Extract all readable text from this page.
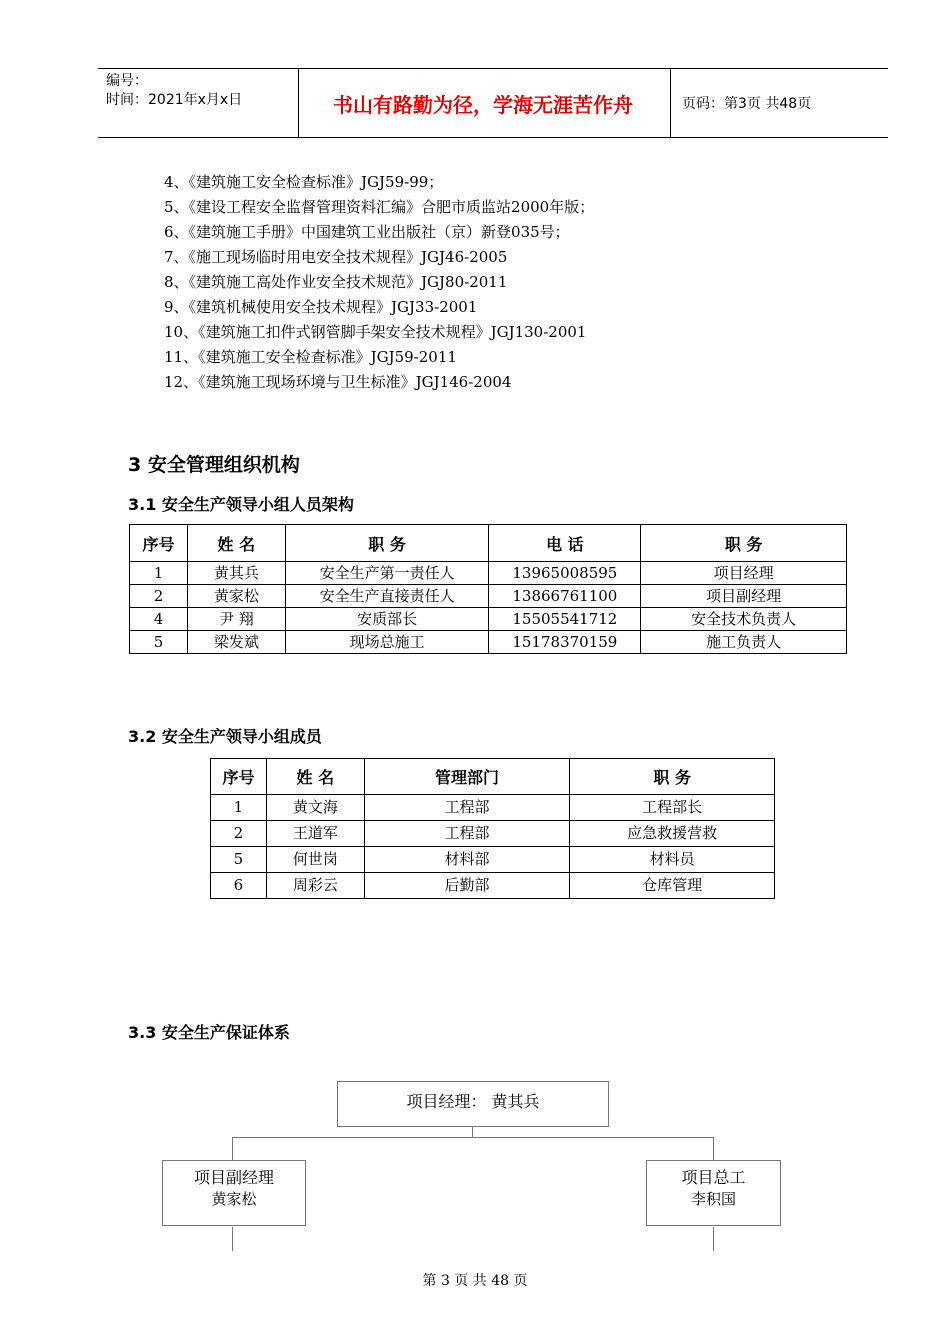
编号：
时间：2021年x月x日	书山有路勤为径，学海无涯苦作舟	页码：第3页 共48页
4、《建筑施工安全检查标准》JGJ59-99；
5、《建设工程安全监督管理资料汇编》合肥市质监站2000年版；
6、《建筑施工手册》中国建筑工业出版社（京）新登035号；
7、《施工现场临时用电安全技术规程》JGJ46-2005
8、《建筑施工高处作业安全技术规范》JGJ80-2011
9、《建筑机械使用安全技术规程》JGJ33-2001
10、《建筑施工扣件式钢管脚手架安全技术规程》JGJ130-2001
11、《建筑施工安全检查标准》JGJ59-2011
12、《建筑施工现场环境与卫生标准》JGJ146-2004
3 安全管理组织机构
3.1 安全生产领导小组人员架构
序号	姓 名	职 务	电 话	职 务
1	黄其兵	安全生产第一责任人	13965008595	项目经理
2	黄家松	安全生产直接责任人	13866761100	项目副经理
4	尹 翔	安质部长	15505541712	安全技术负责人
5	梁发斌	现场总施工	15178370159	施工负责人
3.2 安全生产领导小组成员
序号	姓 名	管理部门	职 务
1	黄文海	工程部	工程部长
2	王道军	工程部	应急救援营救
5	何世岗	材料部	材料员
6	周彩云	后勤部	仓库管理
3.3 安全生产保证体系
项目经理： 黄其兵
项目副经理
黄家松
项目总工
李积国
第 3 页 共 48 页
